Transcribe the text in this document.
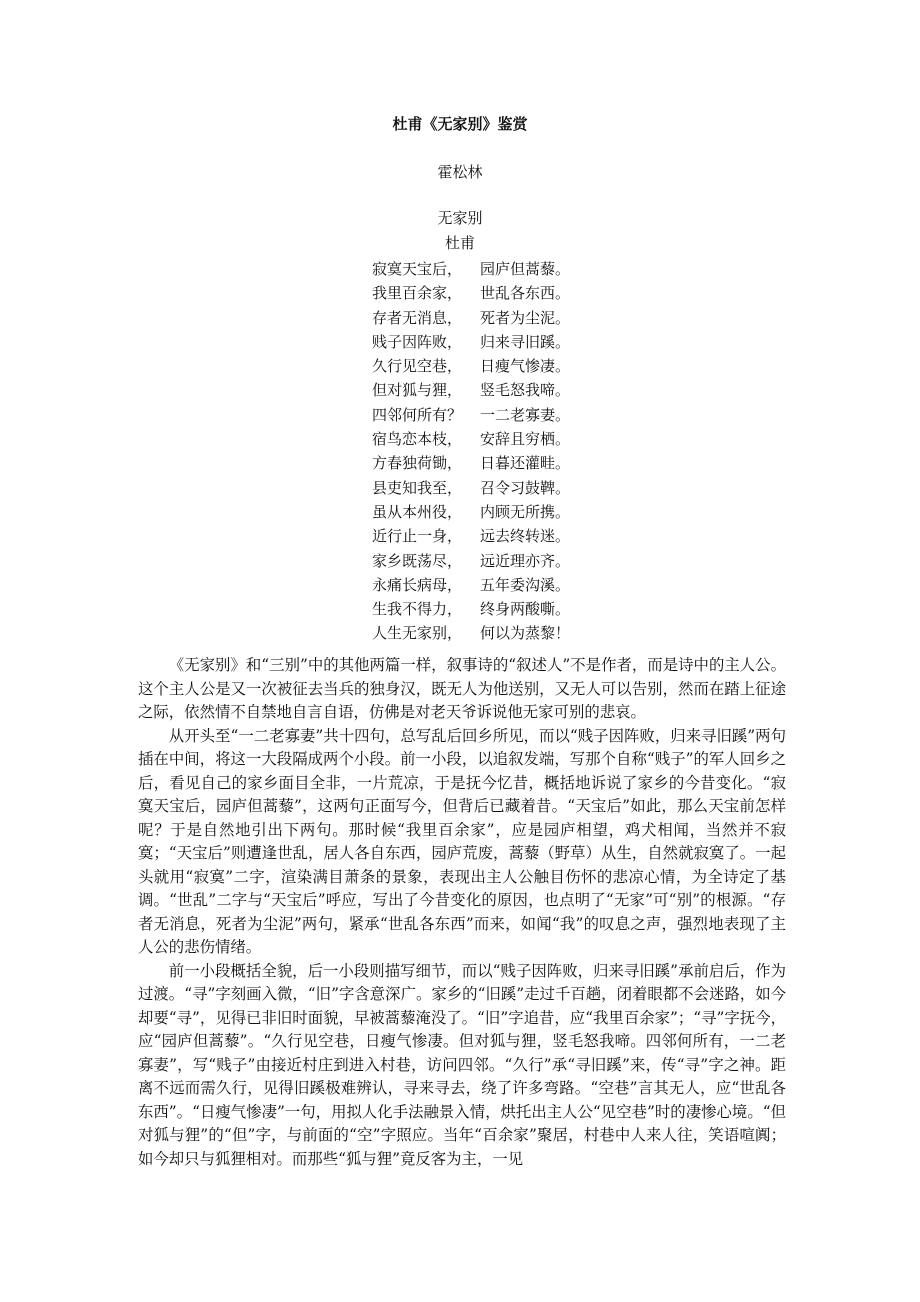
杜甫《无家别》鉴赏
霍松林
无家别
杜甫
寂寞天宝后， 园庐但蒿藜。
我里百余家， 世乱各东西。
存者无消息， 死者为尘泥。
贱子因阵败， 归来寻旧蹊。
久行见空巷， 日瘦气惨凄。
但对狐与狸， 竖毛怒我啼。
四邻何所有？ 一二老寡妻。
宿鸟恋本枝， 安辞且穷栖。
方春独荷锄， 日暮还灌畦。
县吏知我至， 召令习鼓鞞。
虽从本州役， 内顾无所携。
近行止一身， 远去终转迷。
家乡既荡尽， 远近理亦齐。
永痛长病母， 五年委沟溪。
生我不得力， 终身两酸嘶。
人生无家别， 何以为蒸黎！

《无家别》和“三别”中的其他两篇一样，叙事诗的“叙述人”不是作者，而是诗中的主人公。这个主人公是又一次被征去当兵的独身汉，既无人为他送别，又无人可以告别，然而在踏上征途之际，依然情不自禁地自言自语，仿佛是对老天爷诉说他无家可别的悲哀。

从开头至“一二老寡妻”共十四句，总写乱后回乡所见，而以“贱子因阵败，归来寻旧蹊”两句插在中间，将这一大段隔成两个小段。前一小段，以追叙发端，写那个自称“贱子”的军人回乡之后，看见自己的家乡面目全非，一片荒凉，于是抚今忆昔，概括地诉说了家乡的今昔变化。“寂寞天宝后，园庐但蒿藜”，这两句正面写今，但背后已藏着昔。“天宝后”如此，那么天宝前怎样呢？于是自然地引出下两句。那时候“我里百余家”，应是园庐相望，鸡犬相闻，当然并不寂寞；“天宝后”则遭逢世乱，居人各自东西，园庐荒废，蒿藜（野草）从生，自然就寂寞了。一起头就用“寂寞”二字，渲染满目萧条的景象，表现出主人公触目伤怀的悲凉心情，为全诗定了基调。“世乱”二字与“天宝后”呼应，写出了今昔变化的原因，也点明了“无家”可“别”的根源。“存者无消息，死者为尘泥”两句，紧承“世乱各东西”而来，如闻“我”的叹息之声，强烈地表现了主人公的悲伤情绪。

前一小段概括全貌，后一小段则描写细节，而以“贱子因阵败，归来寻旧蹊”承前启后，作为过渡。“寻”字刻画入微，“旧”字含意深广。家乡的“旧蹊”走过千百趟，闭着眼都不会迷路，如今却要“寻”，见得已非旧时面貌，早被蒿藜淹没了。“旧”字追昔，应“我里百余家”；“寻”字抚今，应“园庐但蒿藜”。“久行见空巷，日瘦气惨凄。但对狐与狸，竖毛怒我啼。四邻何所有，一二老寡妻”，写“贱子”由接近村庄到进入村巷，访问四邻。“久行”承“寻旧蹊”来，传“寻”字之神。距离不远而需久行，见得旧蹊极难辨认，寻来寻去，绕了许多弯路。“空巷”言其无人，应“世乱各东西”。“日瘦气惨凄”一句，用拟人化手法融景入情，烘托出主人公“见空巷”时的凄惨心境。“但对狐与狸”的“但”字，与前面的“空”字照应。当年“百余家”聚居，村巷中人来人往，笑语喧阗；如今却只与狐狸相对。而那些“狐与狸”竟反客为主，一见
